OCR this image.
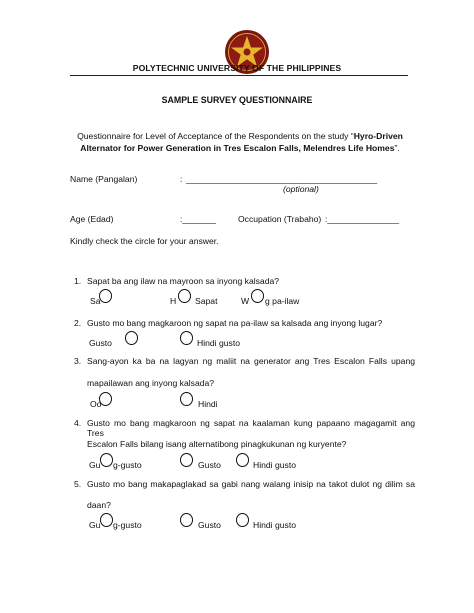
POLYTECHNIC UNIVERSITY OF THE PHILIPPINES
SAMPLE SURVEY QUESTIONNAIRE
Questionnaire for Level of Acceptance of the Respondents on the study “Hyro-Driven
Alternator for Power Generation in Tres Escalon Falls, Melendres Life Homes”.
Name (Pangalan)	: ________________________________________
(optional)
Age (Edad)	:_______	Occupation (Trabaho) :_______________
Kindly check the circle for your answer.
1. Sapat ba ang ilaw na mayroon sa inyong kalsada?
Sa	H Sapat	W g pa-ilaw
2. Gusto mo bang magkaroon ng sapat na pa-ilaw sa kalsada ang inyong lugar?
Gusto	Hindi gusto
3. Sang-ayon ka ba na lagyan ng maliit na generator ang Tres Escalon Falls upang
mapailawan ang inyong kalsada?
Oo	Hindi
4. Gusto mo bang magkaroon ng sapat na kaalaman kung papaano magagamit ang Tres
Escalon Falls bilang isang alternatibong pinagkukunan ng kuryente?
Gu g-gusto	Gusto	Hindi gusto
5. Gusto mo bang makapaglakad sa gabi nang walang inisip na takot dulot ng dilim sa
daan?
Gu g-gusto	Gusto	Hindi gusto
